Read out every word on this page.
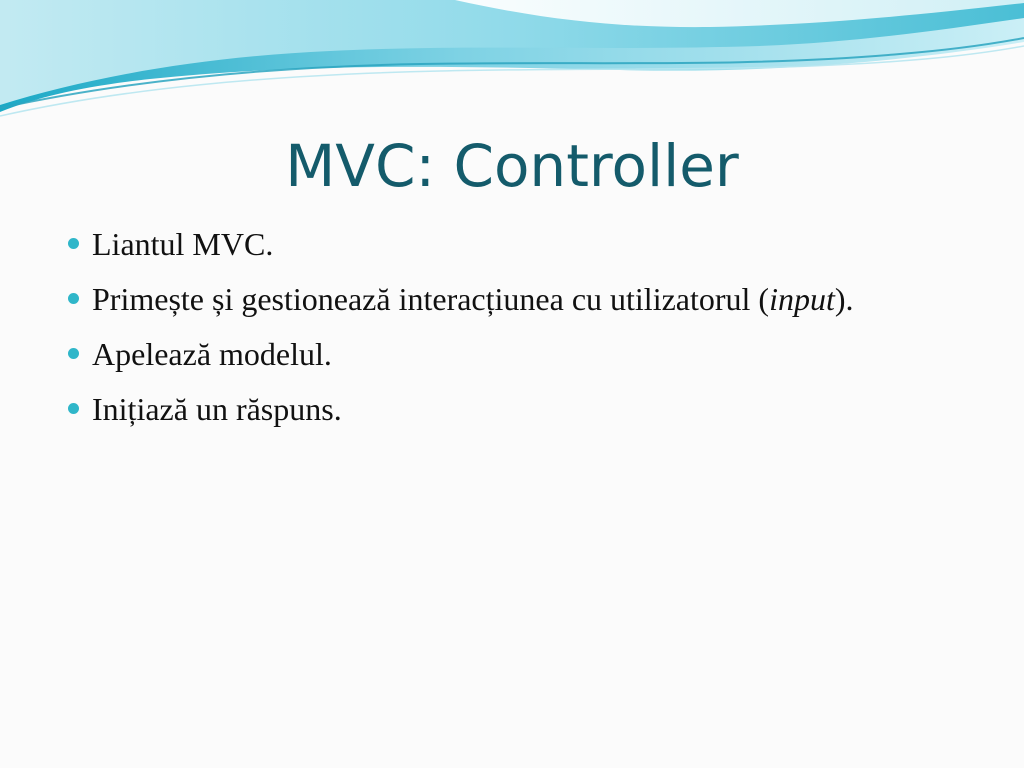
MVC: Controller
Liantul MVC.
Primește și gestionează interacțiunea cu utilizatorul (input).
Apelează modelul.
Inițiază un răspuns.
